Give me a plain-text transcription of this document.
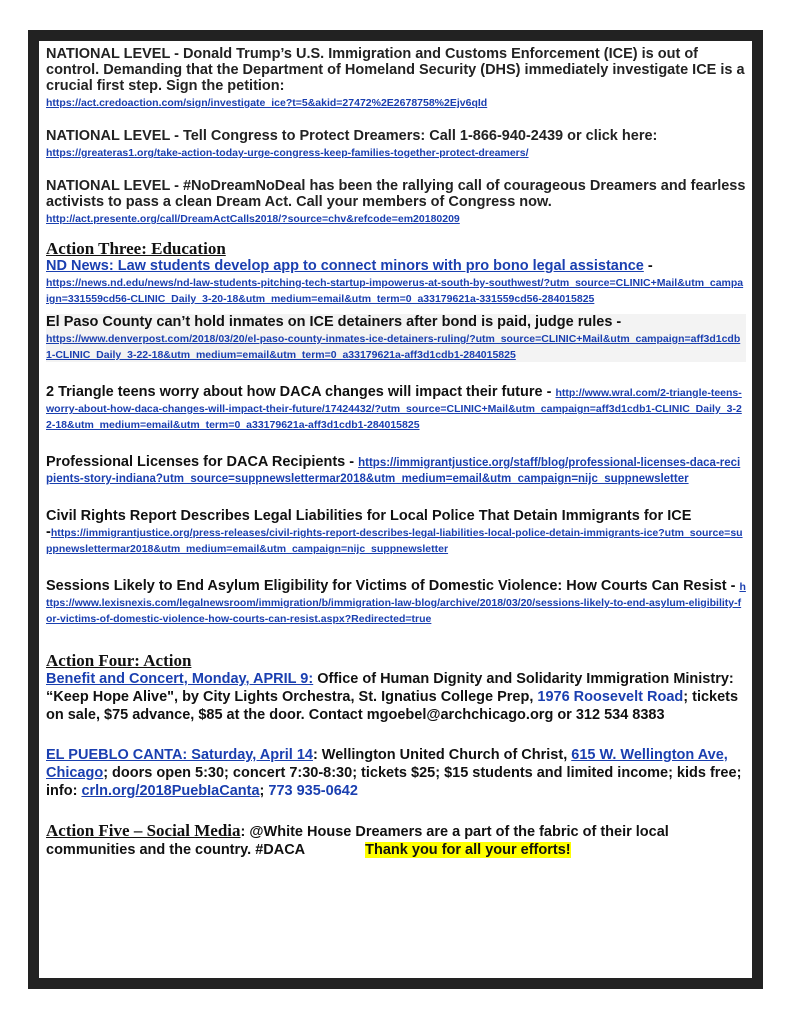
NATIONAL LEVEL - Donald Trump’s U.S. Immigration and Customs Enforcement (ICE) is out of control. Demanding that the Department of Homeland Security (DHS) immediately investigate ICE is a crucial first step. Sign the petition:
https://act.credoaction.com/sign/investigate_ice?t=5&akid=27472%2E2678758%2Ejv6qId
NATIONAL LEVEL - Tell Congress to Protect Dreamers: Call 1-866-940-2439 or click here:
https://greateras1.org/take-action-today-urge-congress-keep-families-together-protect-dreamers/
NATIONAL LEVEL - #NoDreamNoDeal has been the rallying call of courageous Dreamers and fearless activists to pass a clean Dream Act. Call your members of Congress now.
http://act.presente.org/call/DreamActCalls2018/?source=chv&refcode=em20180209
Action Three: Education
ND News: Law students develop app to connect minors with pro bono legal assistance -
https://news.nd.edu/news/nd-law-students-pitching-tech-startup-impowerus-at-south-by-southwest/?utm_source=CLINIC+Mail&utm_campaign=331559cd56-CLINIC_Daily_3-20-18&utm_medium=email&utm_term=0_a33179621a-331559cd56-284015825
El Paso County can’t hold inmates on ICE detainers after bond is paid, judge rules -
https://www.denverpost.com/2018/03/20/el-paso-county-inmates-ice-detainers-ruling/?utm_source=CLINIC+Mail&utm_campaign=aff3d1cdb1-CLINIC_Daily_3-22-18&utm_medium=email&utm_term=0_a33179621a-aff3d1cdb1-284015825
2 Triangle teens worry about how DACA changes will impact their future - http://www.wral.com/2-triangle-teens-worry-about-how-daca-changes-will-impact-their-future/17424432/?utm_source=CLINIC+Mail&utm_campaign=aff3d1cdb1-CLINIC_Daily_3-22-18&utm_medium=email&utm_term=0_a33179621a-aff3d1cdb1-284015825
Professional Licenses for DACA Recipients - https://immigrantjustice.org/staff/blog/professional-licenses-daca-recipients-story-indiana?utm_source=suppnewslettermar2018&utm_medium=email&utm_campaign=nijc_suppnewsletter
Civil Rights Report Describes Legal Liabilities for Local Police That Detain Immigrants for ICE
-https://immigrantjustice.org/press-releases/civil-rights-report-describes-legal-liabilities-local-police-detain-immigrants-ice?utm_source=suppnewslettermar2018&utm_medium=email&utm_campaign=nijc_suppnewsletter
Sessions Likely to End Asylum Eligibility for Victims of Domestic Violence: How Courts Can Resist - https://www.lexisnexis.com/legalnewsroom/immigration/b/immigration-law-blog/archive/2018/03/20/sessions-likely-to-end-asylum-eligibility-for-victims-of-domestic-violence-how-courts-can-resist.aspx?Redirected=true
Action Four: Action
Benefit and Concert, Monday, APRIL 9: Office of Human Dignity and Solidarity Immigration Ministry: “Keep Hope Alive", by City Lights Orchestra, St. Ignatius College Prep, 1976 Roosevelt Road; tickets on sale, $75 advance, $85 at the door. Contact mgoebel@archchicago.org or 312 534 8383
EL PUEBLO CANTA: Saturday, April 14: Wellington United Church of Christ, 615 W. Wellington Ave, Chicago; doors open 5:30; concert 7:30-8:30; tickets $25; $15 students and limited income; kids free; info: crln.org/2018PuebIaCanta; 773 935-0642
Action Five – Social Media: @White House Dreamers are a part of the fabric of their local communities and the country. #DACA	Thank you for all your efforts!
